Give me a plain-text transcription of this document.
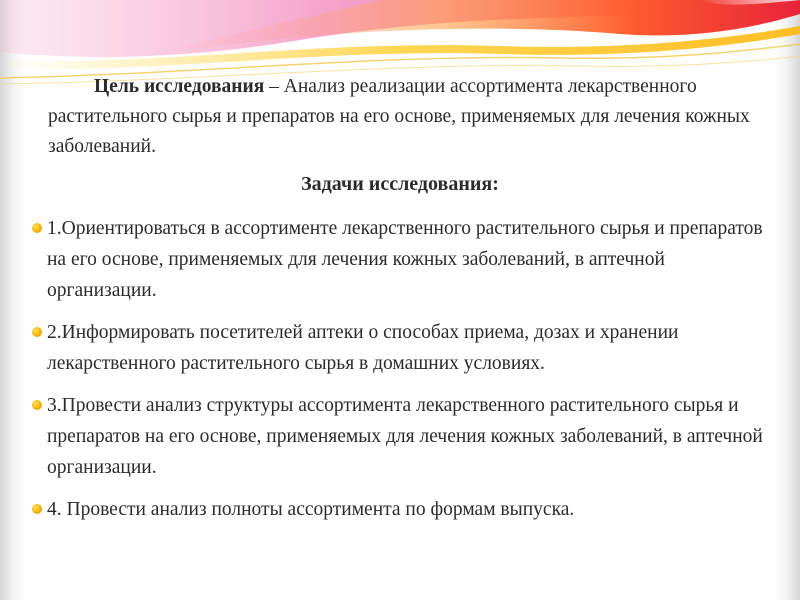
Цель исследования – Анализ реализации ассортимента лекарственного растительного сырья и препаратов на его основе, применяемых для лечения кожных заболеваний.

Задачи исследования:

1.Ориентироваться в ассортименте лекарственного растительного сырья и препаратов на его основе, применяемых для лечения кожных заболеваний, в аптечной организации.
2.Информировать посетителей аптеки о способах приема, дозах и хранении лекарственного растительного сырья в домашних условиях.
3.Провести анализ структуры ассортимента лекарственного растительного сырья и препаратов на его основе, применяемых для лечения кожных заболеваний, в аптечной организации.
4. Провести анализ полноты ассортимента по формам выпуска.
